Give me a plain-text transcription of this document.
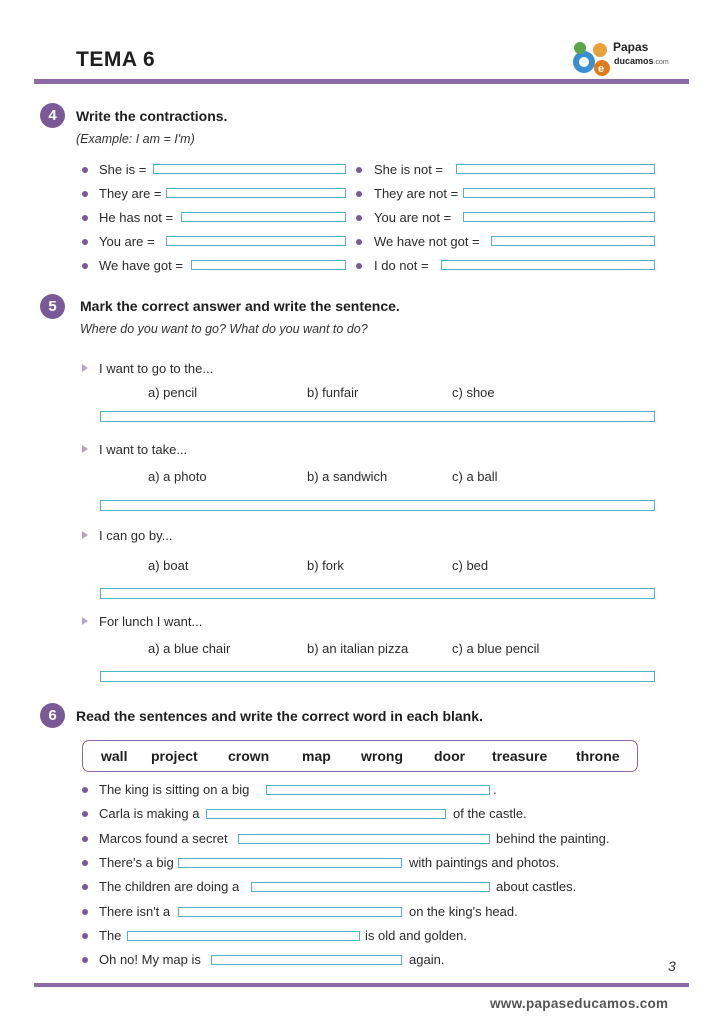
TEMA 6	e
Papas
ducamos.com
4	Write the contractions.
(Example: I am = I'm)
She is =
They are =
He has not =
You are =
We have got =
She is not =
They are not =
You are not =
We have not got =
I do not =
5	Mark the correct answer and write the sentence.
Where do you want to go? What do you want to do?
I want to go to the...
a) pencil	b) funfair	c) shoe
I want to take...
a) a photo	b) a sandwich	c) a ball
I can go by...
a) boat	b) fork	c) bed
For lunch I want...
a) a blue chair	b) an italian pizza	c) a blue pencil
6	Read the sentences and write the correct word in each blank.
wall project crown map wrong door treasure throne
The king is sitting on a big	.
Carla is making a	of the castle.
Marcos found a secret	behind the painting.
There's a big	with paintings and photos.
The children are doing a	about castles.
There isn't a	on the king's head.
The	is old and golden.
Oh no! My map is	again.	3
www.papaseducamos.com
